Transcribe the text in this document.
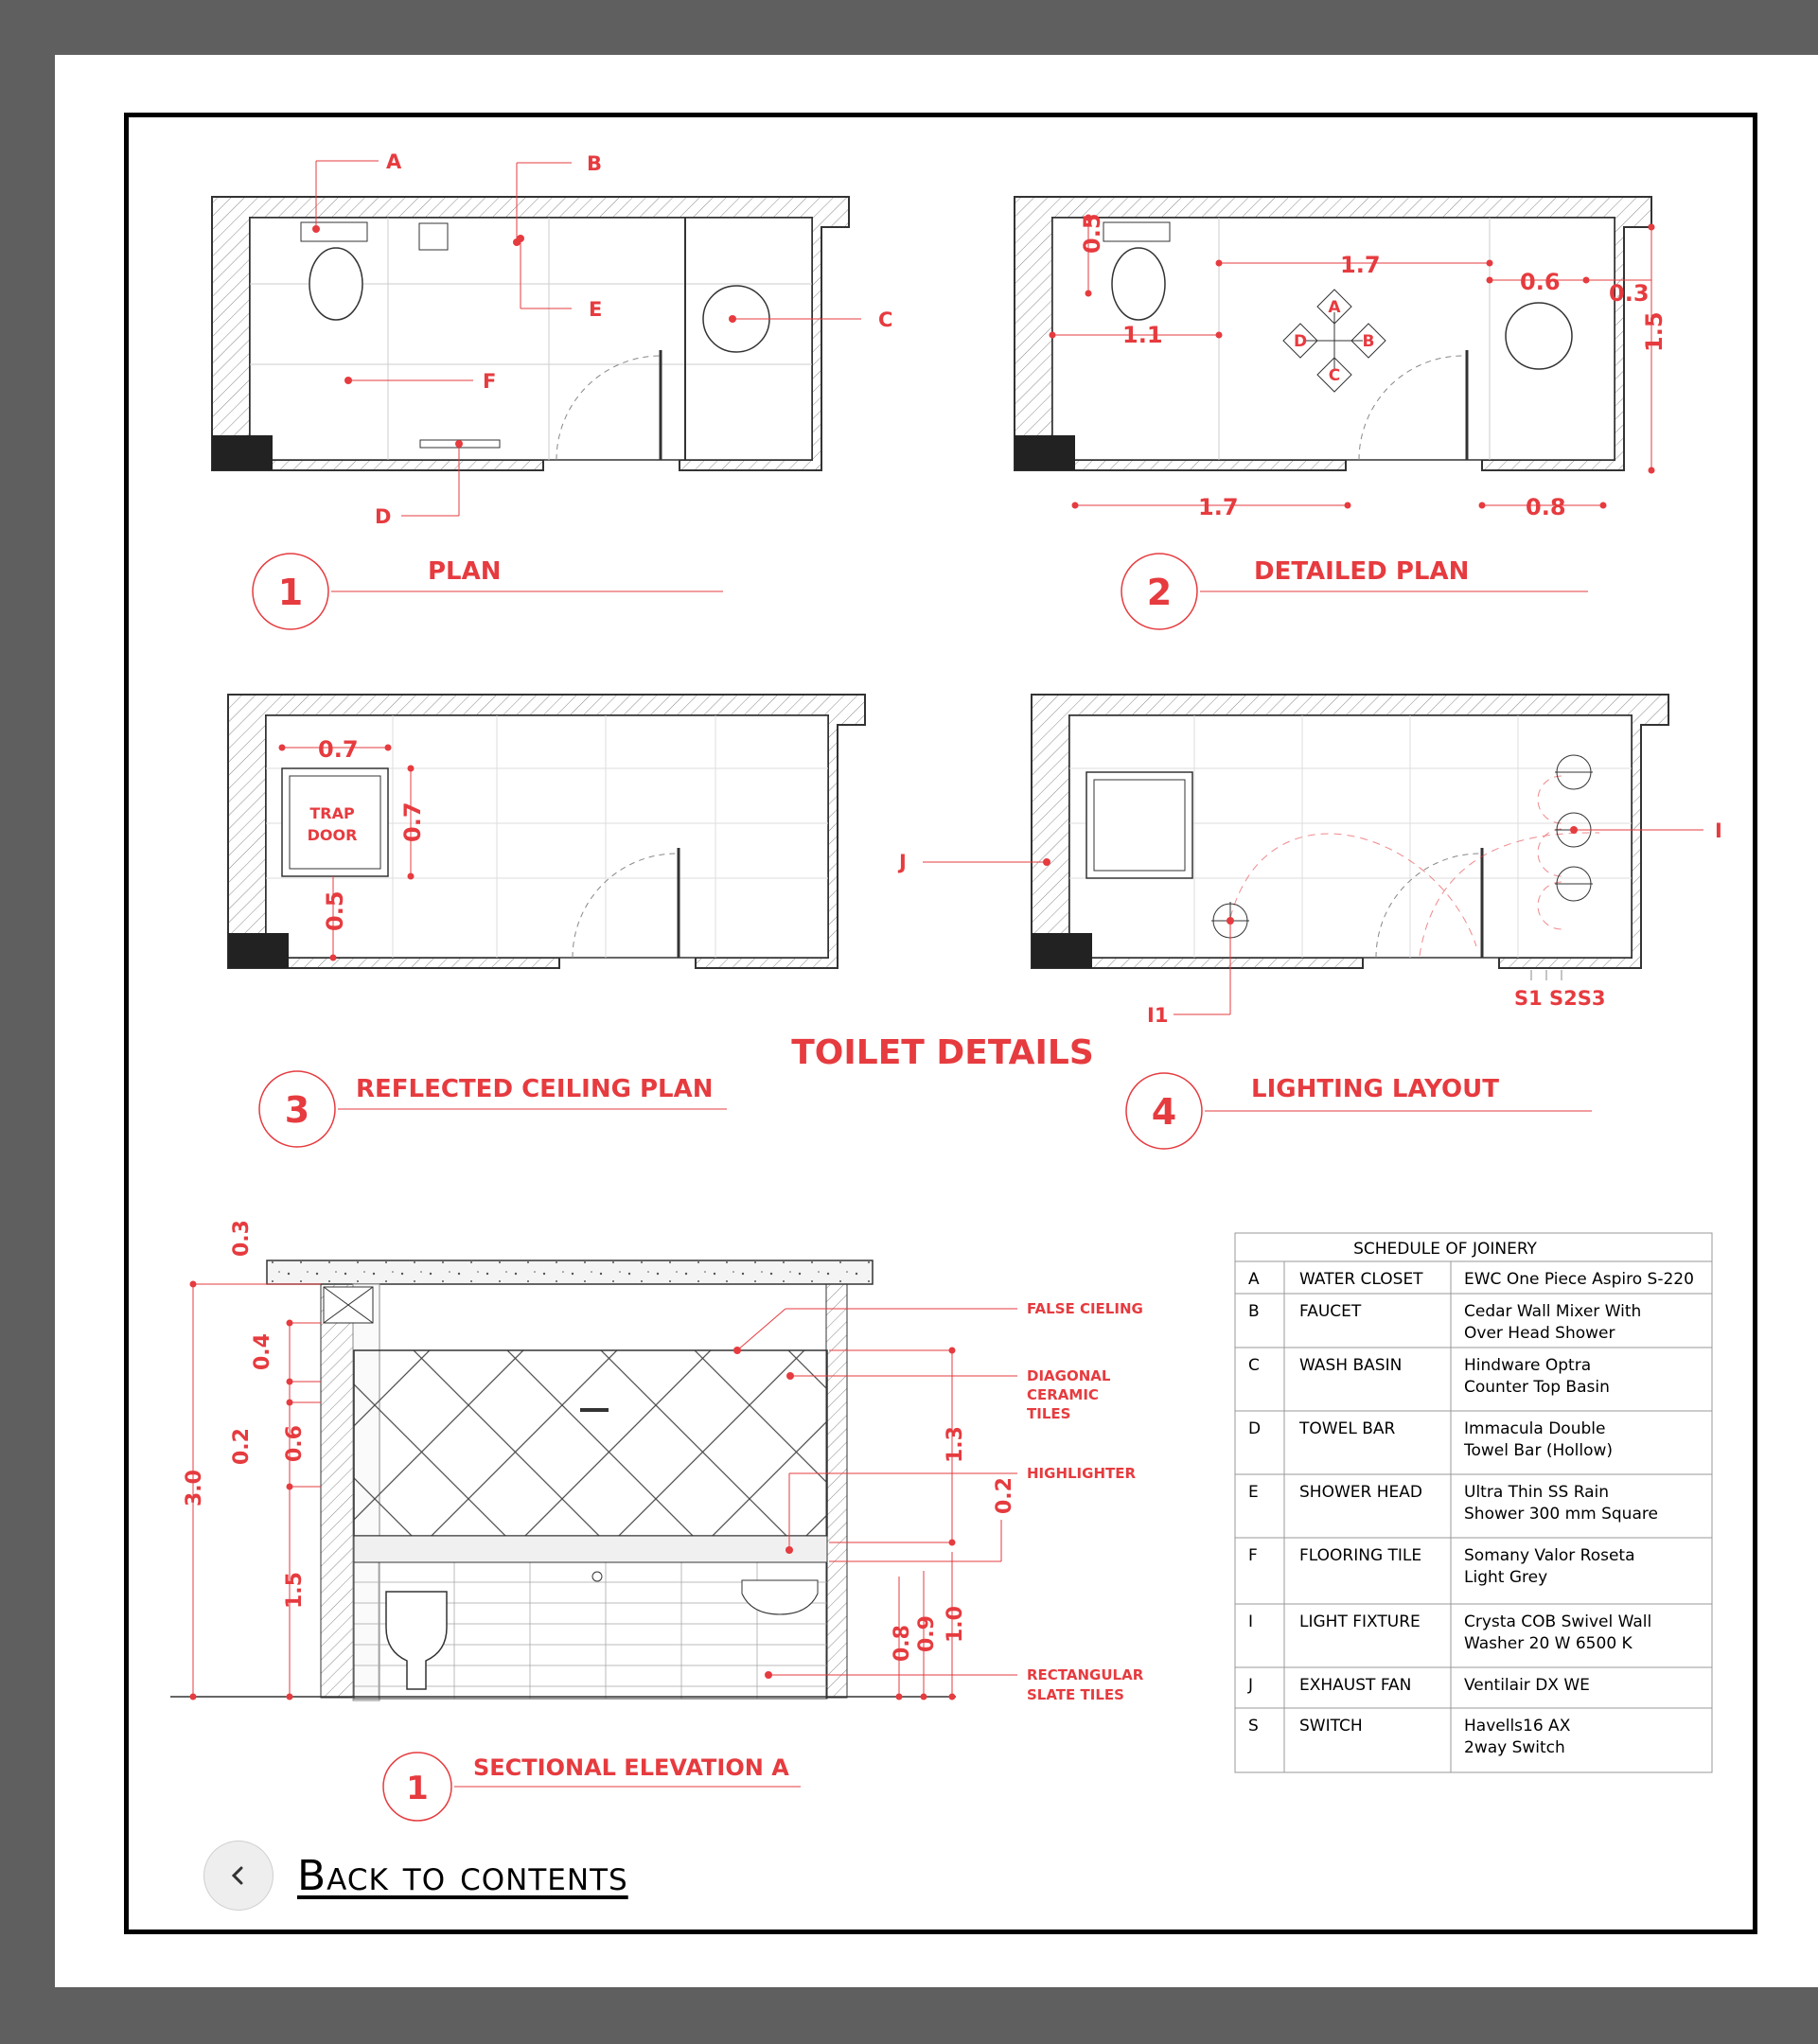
A	B
C
D
E
F
1	PLAN
0.5
1.1
1.7
0.6 0.3
1.5
1.7	0.8
A
B
C
D
2	DETAILED PLAN
0.7
0.7
0.5
TRAP
DOOR
3 REFLECTED CEILING PLAN
I
J
I1
S1 S2S3
4
LIGHTING LAYOUT
TOILET DETAILS
0.3
0.4
0.2 0.6
3.0
1.5
1.3
0.2
0.8 0.9 1.0
FALSE CIELING
DIAGONAL
CERAMIC
TILES
HIGHLIGHTER
RECTANGULAR
SLATE TILES
1
SECTIONAL ELEVATION A
SCHEDULE OF JOINERY
A WATER CLOSET	EWC One Piece Aspiro S-220
B FAUCET	Cedar Wall Mixer With
Over Head Shower
C WASH BASIN	Hindware Optra
Counter Top Basin
D TOWEL BAR	Immacula Double
Towel Bar (Hollow)
E	SHOWER HEAD	Ultra Thin SS Rain
Shower 300 mm Square
F	FLOORING TILE	Somany Valor Roseta
Light Grey
I	LIGHT FIXTURE	Crysta COB Swivel Wall
Washer 20 W 6500 K
J	EXHAUST FAN	Ventilair DX WE
S	SWITCH	Havells16 AX
2way Switch
Back to contents
